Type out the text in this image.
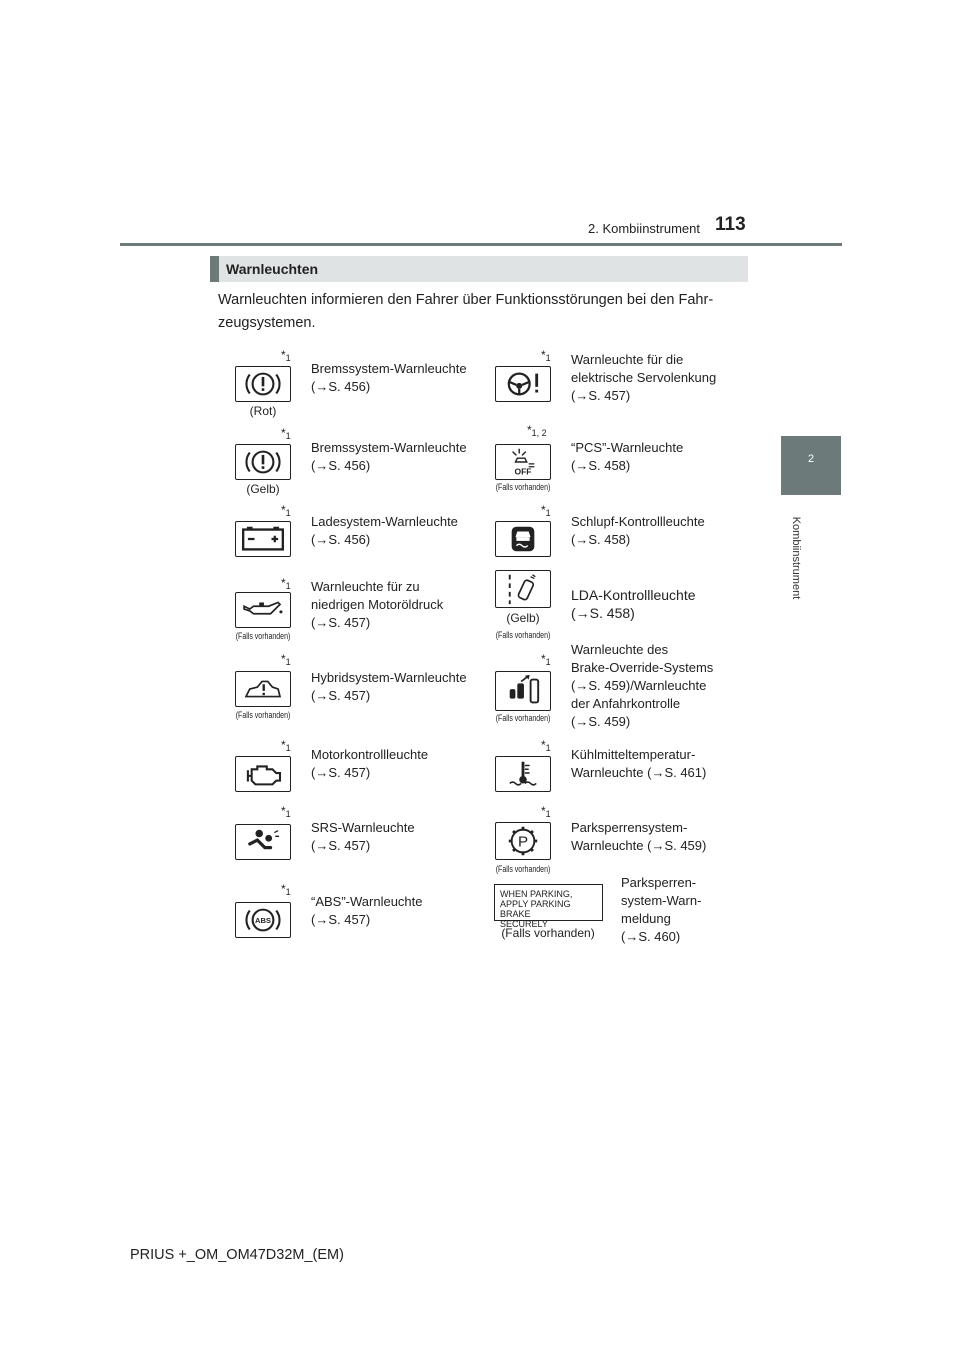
2. Kombiinstrument 113
2
Kombiinstrument
Warnleuchten
Warnleuchten informieren den Fahrer über Funktionsstörungen bei den Fahr-
zeugsystemen.
$*_1$
(Rot)
Bremssystem-Warnleuchte
(→S. 456)
$*_1$ Warnleuchte für die
elektrische Servolenkung
(→S. 457)
$*_1$
(Gelb)
Bremssystem-Warnleuchte
(→S. 456)
$*_{1, 2}$
OFF
(Falls vorhanden)
“PCS”-Warnleuchte
(→S. 458)
$*_1$
Ladesystem-Warnleuchte
(→S. 456)
$*_1$
Schlupf-Kontrollleuchte
(→S. 458)
$*_1$
(Falls vorhanden)
Warnleuchte für zu
niedrigen Motoröldruck
(→S. 457)	(Gelb)
(Falls vorhanden)
LDA-Kontrollleuchte
(→S. 458)
$*_1$
(Falls vorhanden)
Hybridsystem-Warnleuchte
(→S. 457)
$*_1$
(Falls vorhanden)
Warnleuchte des
Brake-Override-Systems
(→S. 459)/Warnleuchte
der Anfahrkontrolle
(→S. 459)
$*_1$ Motorkontrollleuchte
(→S. 457)
$*_1$ Kühlmitteltemperatur-
Warnleuchte (→S. 461)
$*_1$
SRS-Warnleuchte
(→S. 457)
$*_1$
P
(Falls vorhanden)
Parksperrensystem-
Warnleuchte (→S. 459)
$*_1$
ABS
“ABS”-Warnleuchte
(→S. 457)
WHEN PARKING,
APPLY PARKING BRAKE
SECURELY
(Falls vorhanden)
Parksperren-
system-Warn-
meldung
(→S. 460)
PRIUS +_OM_OM47D32M_(EM)
